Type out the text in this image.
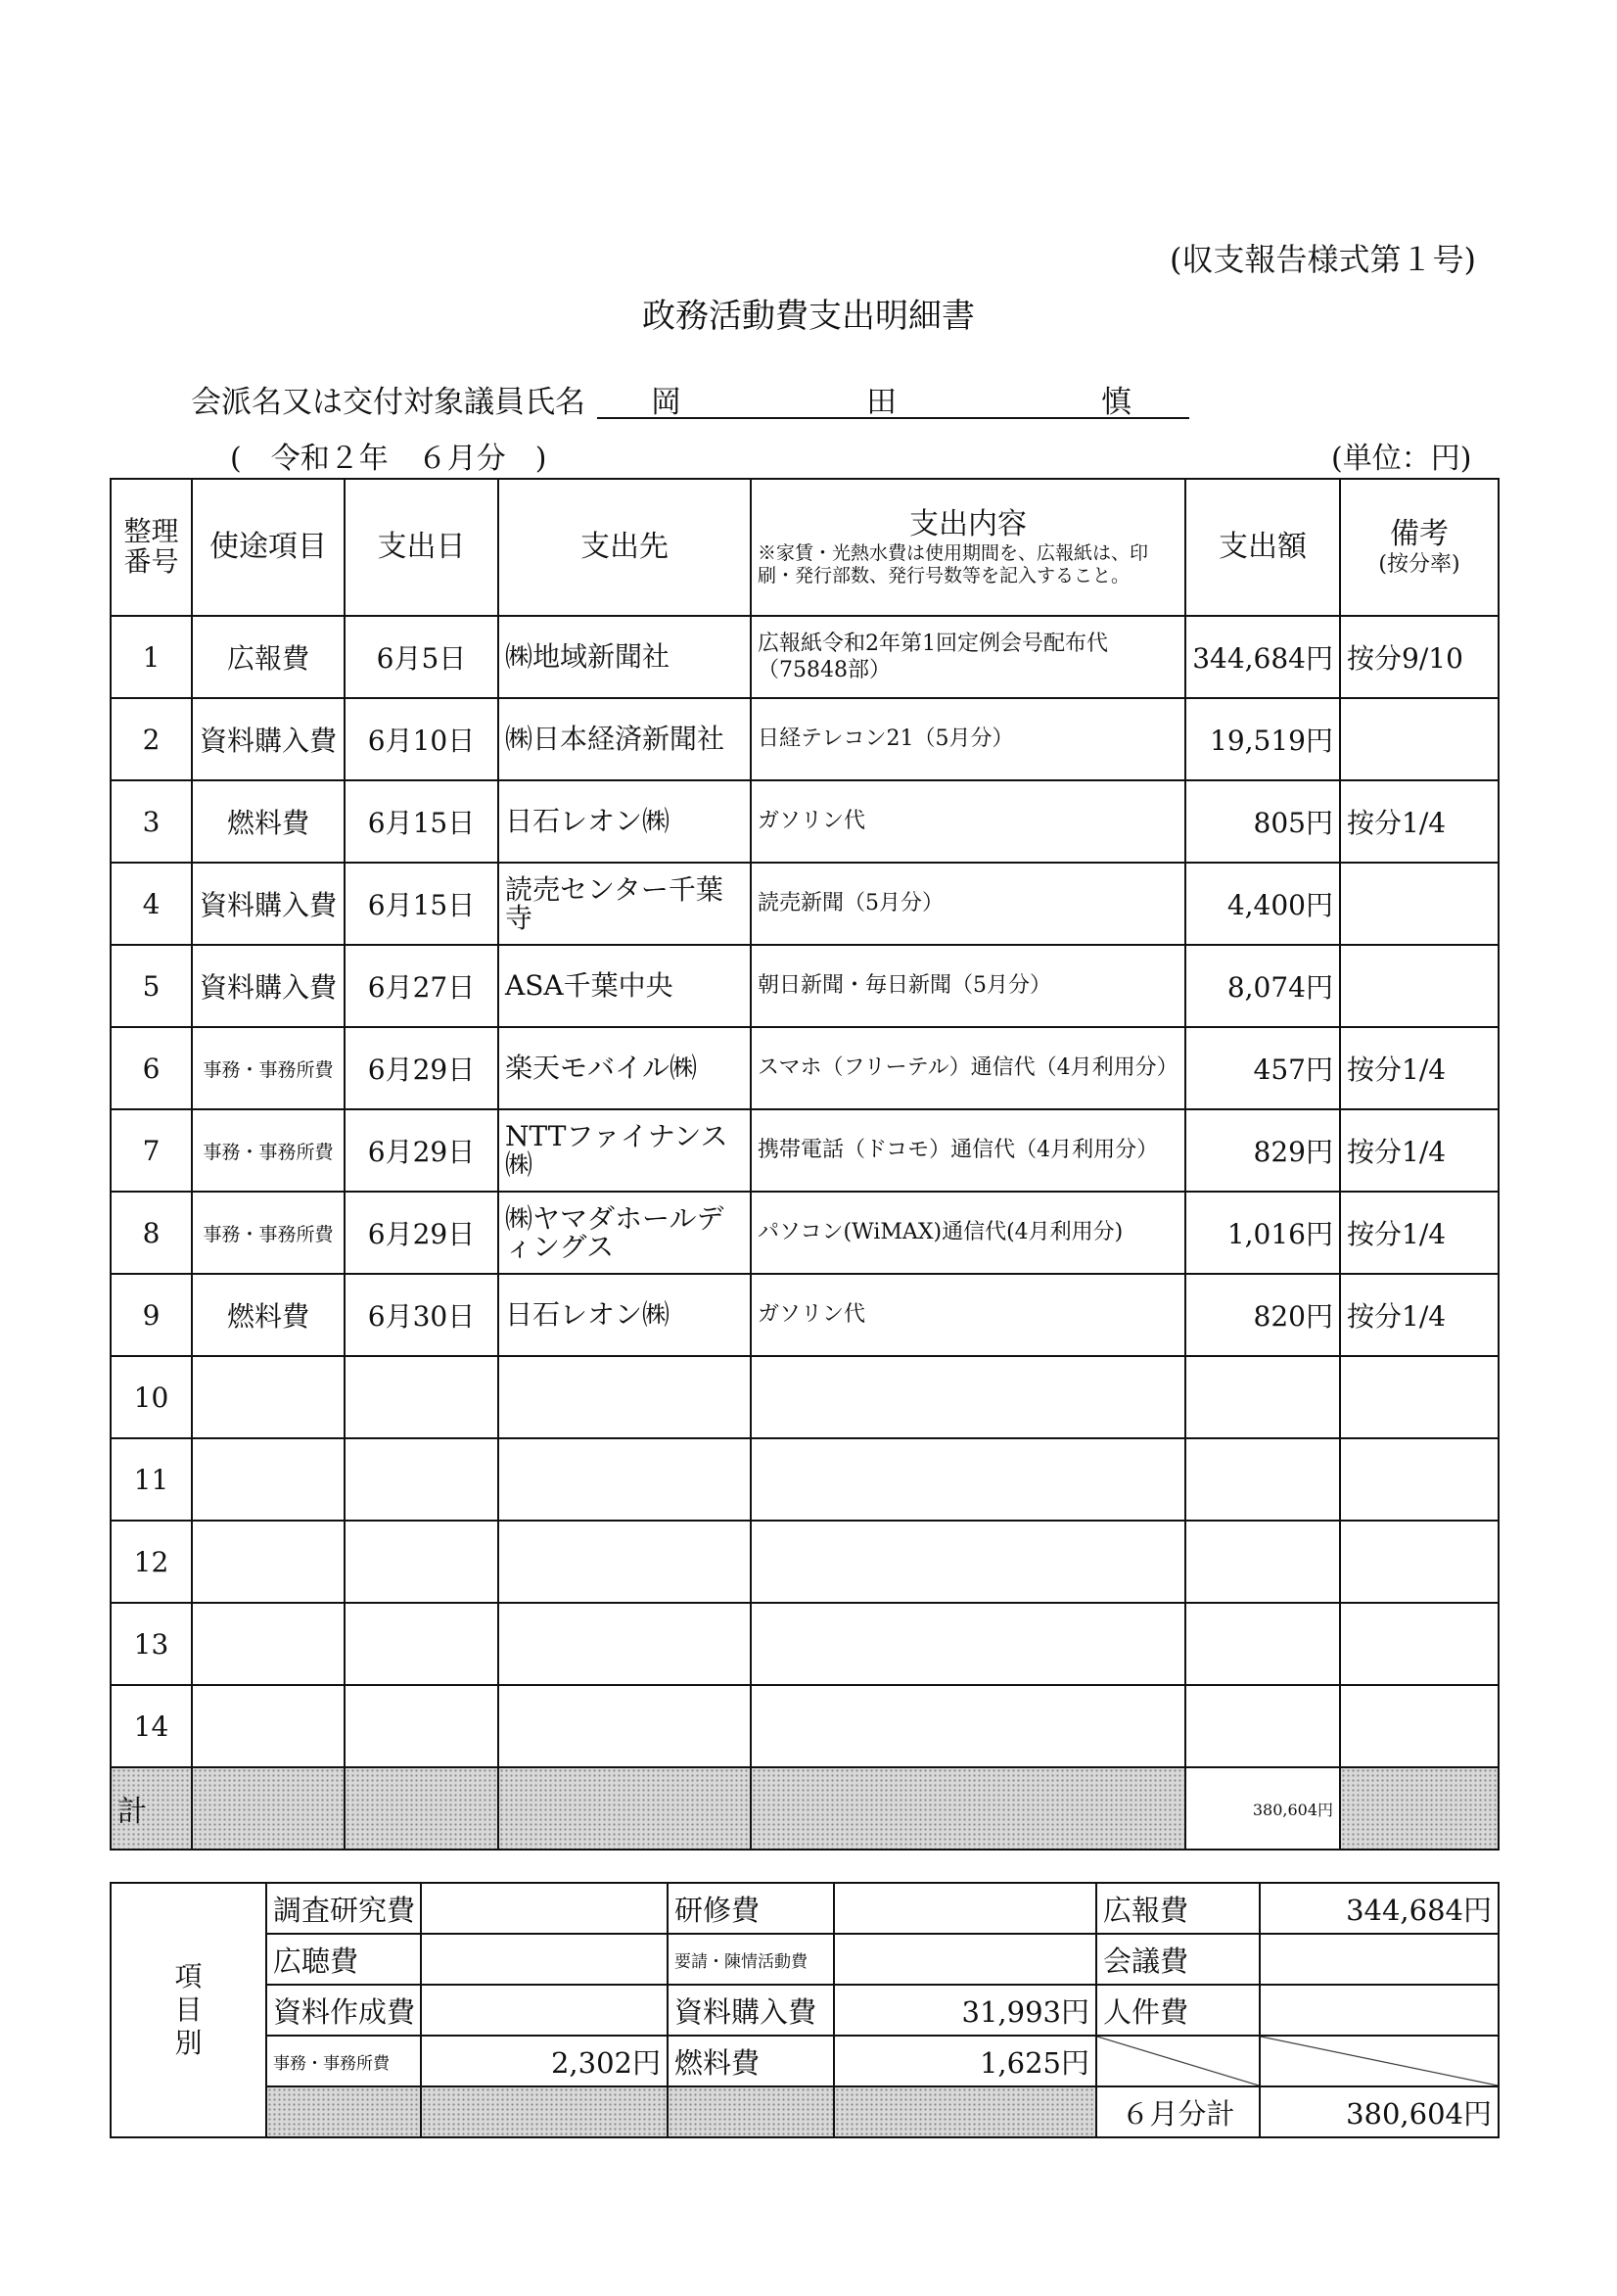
(収支報告様式第１号)
政務活動費支出明細書
会派名又は交付対象議員氏名 岡	田	慎
(　令和２年　６月分　)	(単位：円)
整理番号	使途項目	支出日	支出先	支出内容
※家賃・光熱水費は使用期間を、広報紙は、印刷・発行部数、発行号数等を記入すること。	支出額	備考
(按分率)

1	広報費	6月5日	㈱地域新聞社	広報紙令和2年第1回定例会号配布代（75848部）	344,684円	按分9/10
2	資料購入費	6月10日	㈱日本経済新聞社	日経テレコン21（5月分）	19,519円	
3	燃料費	6月15日	日石レオン㈱	ガソリン代	805円	按分1/4
4	資料購入費	6月15日	読売センター千葉寺	読売新聞（5月分）	4,400円	
5	資料購入費	6月27日	ASA千葉中央	朝日新聞・毎日新聞（5月分）	8,074円	
6	事務・事務所費	6月29日	楽天モバイル㈱	スマホ（フリーテル）通信代（4月利用分）	457円	按分1/4
7	事務・事務所費	6月29日	NTTファイナンス㈱	携帯電話（ドコモ）通信代（4月利用分）	829円	按分1/4
8	事務・事務所費	6月29日	㈱ヤマダホールディングス	パソコン(WiMAX)通信代(4月利用分)	1,016円	按分1/4
9	燃料費	6月30日	日石レオン㈱	ガソリン代	820円	按分1/4
10						
11						
12						
13						
14						
計					380,604円	
項目別	調査研究費		研修費		広報費	344,684円
	広聴費		要請・陳情活動費		会議費	
	資料作成費		資料購入費	31,993円	人件費	
	事務・事務所費	2,302円	燃料費	1,625円		
					６月分計	380,604円
